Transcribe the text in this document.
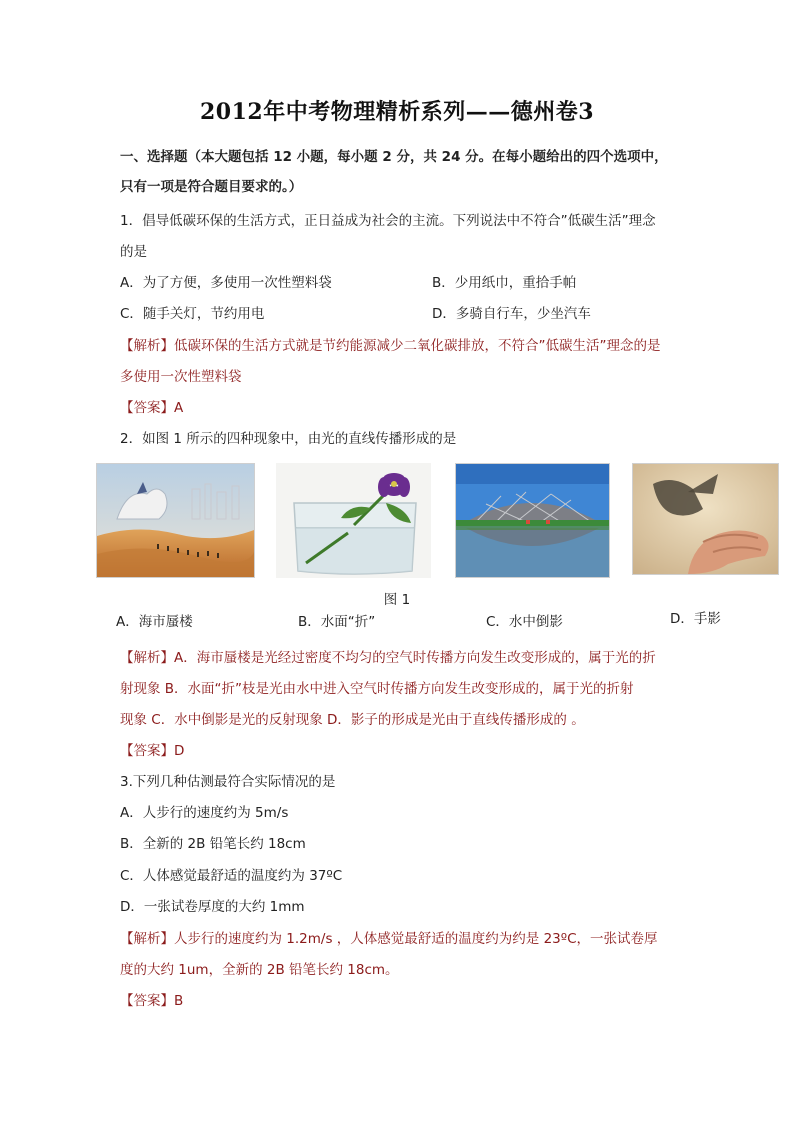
2012年中考物理精析系列——德州卷3
一、选择题（本大题包括 12 小题，每小题 2 分，共 24 分。在每小题给出的四个选项中，
只有一项是符合题目要求的。）
1．倡导低碳环保的生活方式，正日益成为社会的主流。下列说法中不符合”低碳生活”理念
的是
A．为了方便，多使用一次性塑料袋	B．少用纸巾，重拾手帕
C．随手关灯，节约用电	D．多骑自行车，少坐汽车
【解析】低碳环保的生活方式就是节约能源减少二氧化碳排放，不符合”低碳生活”理念的是
多使用一次性塑料袋
【答案】A
2．如图 1 所示的四种现象中，由光的直线传播形成的是
图 1
A．海市蜃楼	B．水面“折”	C．水中倒影	D．手影
【解析】A．海市蜃楼是光经过密度不均匀的空气时传播方向发生改变形成的，属于光的折
射现象 B．水面“折”枝是光由水中进入空气时传播方向发生改变形成的，属于光的折射
现象 C．水中倒影是光的反射现象 D．影子的形成是光由于直线传播形成的 。
【答案】D
3.下列几种估测最符合实际情况的是
A．人步行的速度约为 5m/s
B．全新的 2B 铅笔长约 18cm
C．人体感觉最舒适的温度约为 37ºC
D．一张试卷厚度的大约 1mm
【解析】人步行的速度约为 1.2m/s ，人体感觉最舒适的温度约为约是 23ºC，一张试卷厚
度的大约 1um，全新的 2B 铅笔长约 18cm。
【答案】B
